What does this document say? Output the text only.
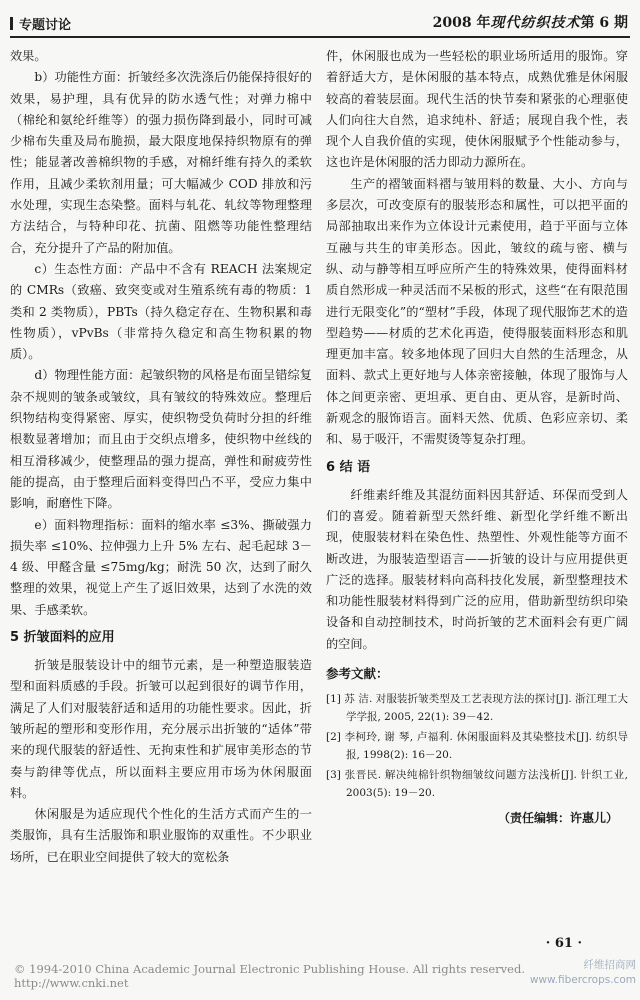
专题讨论	2008 年现代纺织技术第 6 期

效果。

b）功能性方面：折皱经多次洗涤后仍能保持很好的效果，易护理，具有优异的防水透气性；对弹力棉中（棉纶和氨纶纤维等）的强力损伤降到最小，同时可减少棉布失重及局布脆损，最大限度地保持织物原有的弹性；能显著改善棉织物的手感，对棉纤维有持久的柔软作用，且减少柔软剂用量；可大幅减少 COD 排放和污水处理，实现生态染整。面料与轧花、轧纹等物理整理方法结合，与特种印花、抗菌、阻燃等功能性整理结合，充分提升了产品的附加值。

c）生态性方面：产品中不含有 REACH 法案规定的 CMRs（致癌、致突变或对生殖系统有毒的物质：1 类和 2 类物质），PBTs（持久稳定存在、生物积累和毒性物质），vPvBs（非常持久稳定和高生物积累的物质）。

d）物理性能方面：起皱织物的风格是布面呈错综复杂不规则的皱条或皱纹，具有皱纹的特殊效应。整理后织物结构变得紧密、厚实，使织物受负荷时分担的纤维根数显著增加；而且由于交织点增多，使织物中丝线的相互滑移减少，使整理品的强力提高，弹性和耐疲劳性能的提高，由于整理后面料变得凹凸不平，受应力集中影响，耐磨性下降。

e）面料物理指标：面料的缩水率 ≤3%、撕破强力损失率 ≤10%、拉伸强力上升 5% 左右、起毛起球 3－4 级、甲醛含量 ≤75mg/kg；耐洗 50 次，达到了耐久整理的效果，视觉上产生了返旧效果，达到了水洗的效果、手感柔软。

5 折皱面料的应用

折皱是服装设计中的细节元素，是一种塑造服装造型和面料质感的手段。折皱可以起到很好的调节作用，满足了人们对服装舒适和适用的功能性要求。因此，折皱所起的塑形和变形作用，充分展示出折皱的“适体”带来的现代服装的舒适性、无拘束性和扩展审美形态的节奏与韵律等优点，所以面料主要应用市场为休闲服面料。

休闲服是为适应现代个性化的生活方式而产生的一类服饰，具有生活服饰和职业服饰的双重性。不少职业场所，已在职业空间提供了较大的宽松条

件，休闲服也成为一些轻松的职业场所适用的服饰。穿着舒适大方，是休闲服的基本特点，成熟优雅是休闲服较高的着装层面。现代生活的快节奏和紧张的心理驱使人们向往大自然，追求纯朴、舒适；展现自我个性，表现个人自我价值的实现，使休闲服赋予个性能动参与，这也许是休闲服的活力即动力源所在。

生产的褶皱面料褶与皱用料的数量、大小、方向与多层次，可改变原有的服装形态和属性，可以把平面的局部抽取出来作为立体设计元素使用，趋于平面与立体互融与共生的审美形态。因此，皱纹的疏与密、横与纵、动与静等相互呼应所产生的特殊效果，使得面料材质自然形成一种灵活而不呆板的形式，这些“在有限范围进行无限变化”的“塑材”手段，体现了现代服饰艺术的造型趋势——材质的艺术化再造，使得服装面料形态和肌理更加丰富。较多地体现了回归大自然的生活理念，从面料、款式上更好地与人体亲密接触，体现了服饰与人体之间更亲密、更坦承、更自由、更从容，是新时尚、新观念的服饰语言。面料天然、优质、色彩应亲切、柔和、易于吸汗，不需熨烫等复杂打理。

6 结 语

纤维素纤维及其混纺面料因其舒适、环保而受到人们的喜爱。随着新型天然纤维、新型化学纤维不断出现，使服装材料在染色性、热塑性、外观性能等方面不断改进，为服装造型语言——折皱的设计与应用提供更广泛的选择。服装材料向高科技化发展，新型整理技术和功能性服装材料得到广泛的应用，借助新型纺织印染设备和自动控制技术，时尚折皱的艺术面料会有更广阔的空间。

参考文献：
[1] 苏 洁. 对服装折皱类型及工艺表现方法的探讨[J]. 浙江理工大学学报, 2005, 22(1): 39－42.
[2] 李柯玲, 谢 琴, 卢福利. 休闲服面料及其染整技术[J]. 纺织导报, 1998(2): 16－20.
[3] 张晋民. 解决纯棉针织物细皱纹问题方法浅析[J]. 针织工业, 2003(5): 19－20.
（责任编辑：许惠儿）
· 61 ·
© 1994-2010 China Academic Journal Electronic Publishing House. All rights reserved. http://www.cnki.net
纤维招商网
www.fibercrops.com
